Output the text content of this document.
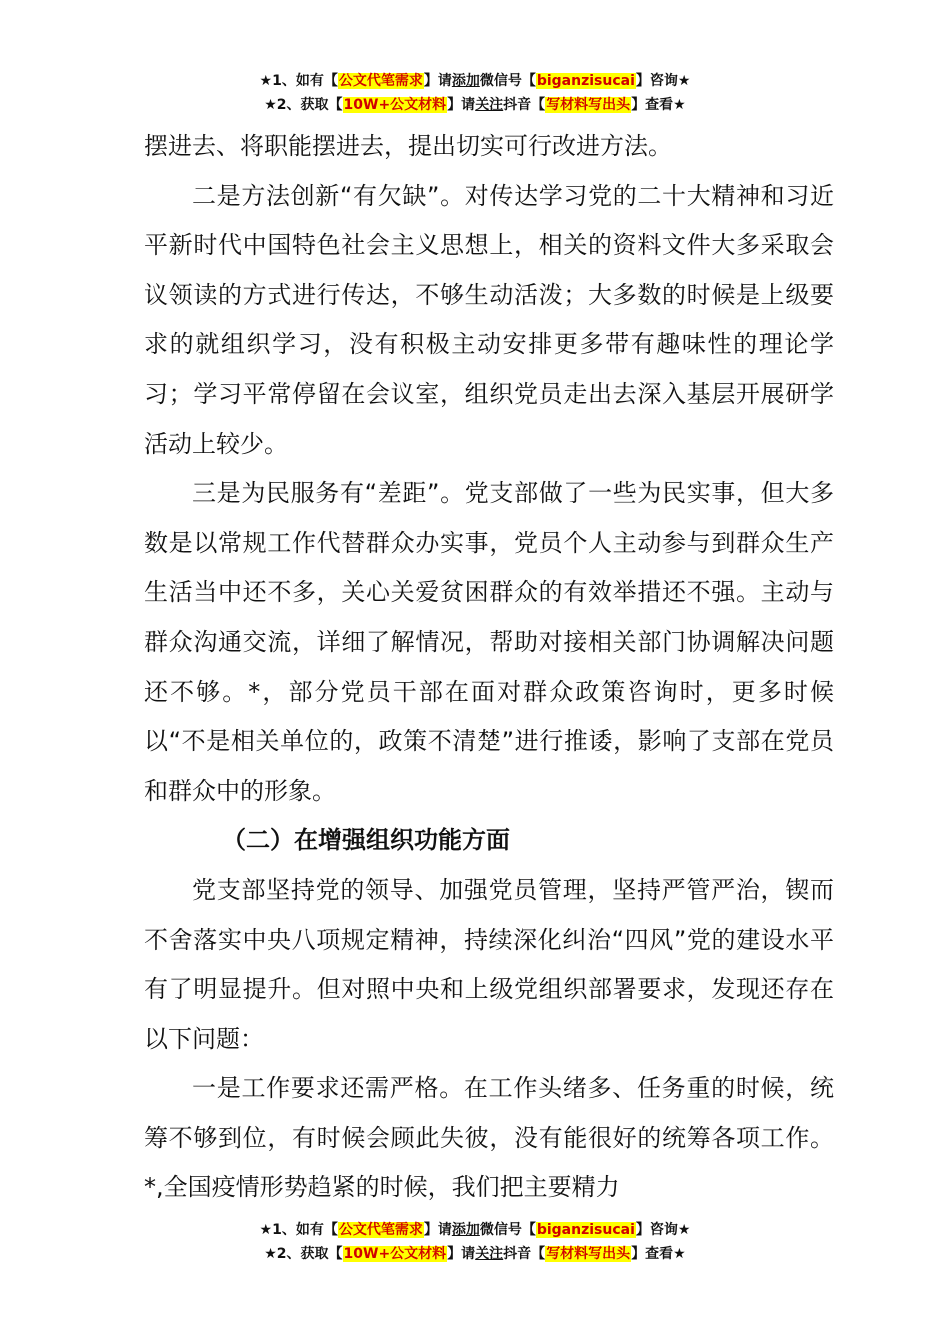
★1、如有【公文代笔需求】请添加微信号【biganzisucai】咨询★
★2、获取【10W+公文材料】请关注抖音【写材料写出头】查看★

摆进去、将职能摆进去，提出切实可行改进方法。

二是方法创新“有欠缺”。对传达学习党的二十大精神和习近平新时代中国特色社会主义思想上，相关的资料文件大多采取会议领读的方式进行传达，不够生动活泼；大多数的时候是上级要求的就组织学习，没有积极主动安排更多带有趣味性的理论学习；学习平常停留在会议室，组织党员走出去深入基层开展研学活动上较少。

三是为民服务有“差距”。党支部做了一些为民实事，但大多数是以常规工作代替群众办实事，党员个人主动参与到群众生产生活当中还不多，关心关爱贫困群众的有效举措还不强。主动与群众沟通交流，详细了解情况，帮助对接相关部门协调解决问题还不够。*，部分党员干部在面对群众政策咨询时，更多时候以“不是相关单位的，政策不清楚”进行推诿，影响了支部在党员和群众中的形象。

（二）在增强组织功能方面

党支部坚持党的领导、加强党员管理，坚持严管严治，锲而不舍落实中央八项规定精神，持续深化纠治“四风”党的建设水平有了明显提升。但对照中央和上级党组织部署要求，发现还存在以下问题：

一是工作要求还需严格。在工作头绪多、任务重的时候，统筹不够到位，有时候会顾此失彼，没有能很好的统筹各项工作。*,全国疫情形势趋紧的时候，我们把主要精力

★1、如有【公文代笔需求】请添加微信号【biganzisucai】咨询★
★2、获取【10W+公文材料】请关注抖音【写材料写出头】查看★
